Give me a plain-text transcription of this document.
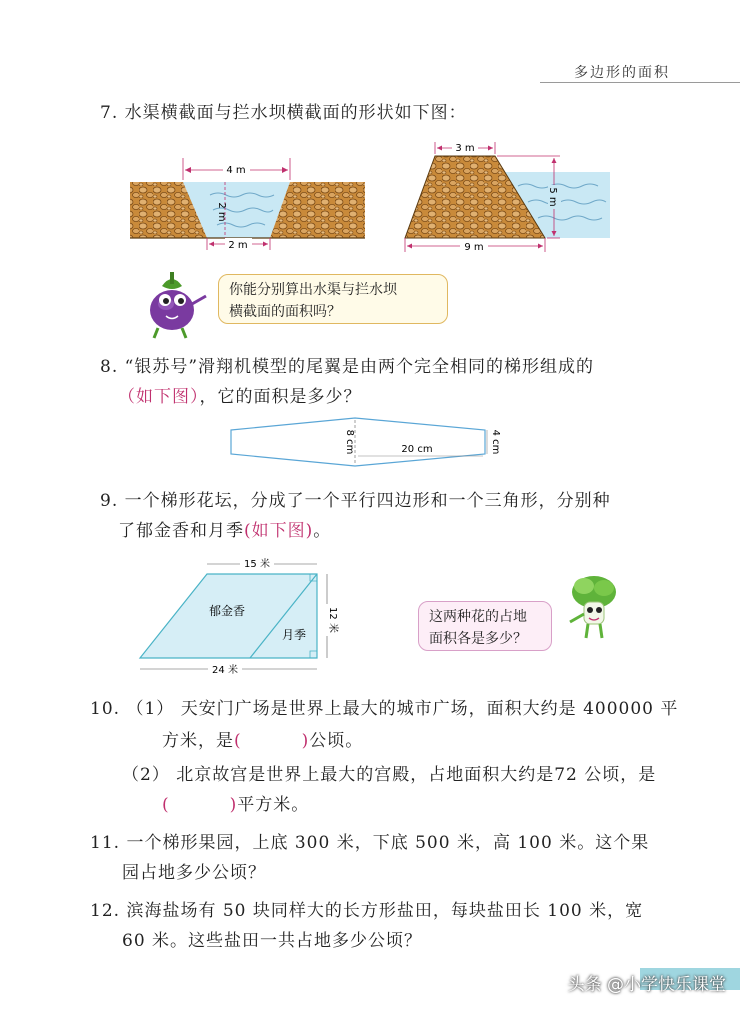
多边形的面积
7. 水渠横截面与拦水坝横截面的形状如下图：
4 m
2 m
2 m
3 m
5 m
9 m
你能分别算出水渠与拦水坝
横截面的面积吗？
8. “银苏号”滑翔机模型的尾翼是由两个完全相同的梯形组成的
（如下图），它的面积是多少？
8 cm	20 cm	4 cm
9. 一个梯形花坛，分成了一个平行四边形和一个三角形，分别种
了郁金香和月季(如下图)。
15 米
12 米
24 米
郁金香
月季
这两种花的占地
面积各是多少？
10. （1） 天安门广场是世界上最大的城市广场，面积大约是 400000 平
方米，是(	)公顷。
（2） 北京故宫是世界上最大的宫殿，占地面积大约是72 公顷，是
(	)平方米。
11. 一个梯形果园，上底 300 米，下底 500 米，高 100 米。这个果
园占地多少公顷？
12. 滨海盐场有 50 块同样大的长方形盐田，每块盐田长 100 米，宽
60 米。这些盐田一共占地多少公顷？
头条 @小学快乐课堂
